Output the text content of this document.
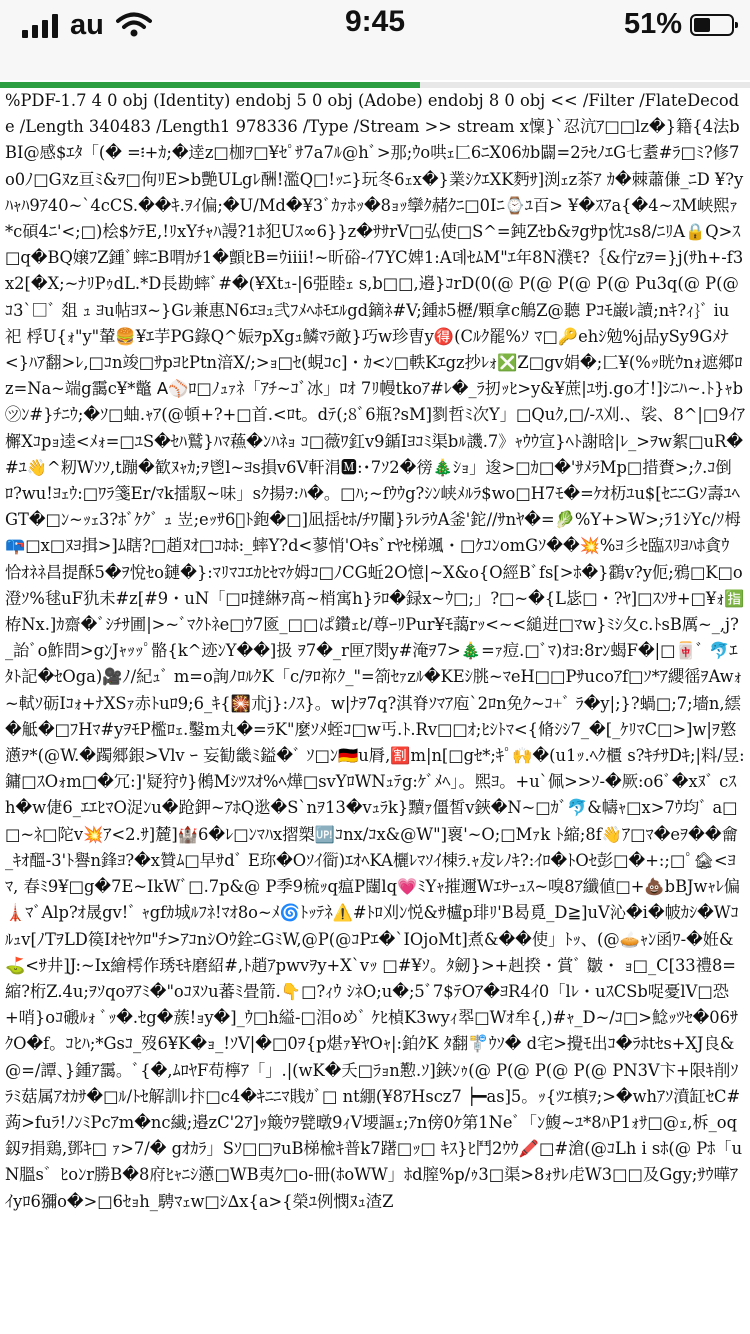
au	9:45	51%
%PDF-1.7 4 0 obj (Identity) endobj 5 0 obj (Adobe) endobj 8 0 obj << /Filter /FlateDecode /Length 340483 /Length1 978336 /Type /Stream >> stream x懍}`忍沆ｱ□□lz�}籍{4法bBI@感$ｴﾀ「(� =፧+ｶ;�逹z□枷ｦ□¥ｾﾟｻ7a7ﾙ@hﾞ>那;ｳo哄ｪ匚6ﾆX06ｶb闢=2ﾗｾﾉｴG七耋#ﾗ□ﾐ?修7o0ﾉ□Gﾇz亘ﾐ&ｦ□佝ﾘE>b艷ULgﾚ酬!濫Q□!ｯﾆ}玩冬6ｪx�}業ｼｸｴXK麪ｻ]渕ｪz茶ｱ ｶ�棘蕭傔_ﾆD ¥?yﾊｬﾊ9ｱ40~`4cCS.��ｷ.ｦｲ偏;�U/Md�¥3ﾞｶｧﾎｯ�8ｮｯ攣ｸ赭ｸﾆ□0Iﾆ⌚ﾕ百> ¥�ｽｱa{�4~ｽM峡熙ｧ*c碩4ﾆ'<;□)桧$ｹﾃE,!ﾘxYﾁｬﾊ謾?1ﾎ犯Uｽ∞6}}z�ｻｻrV□弘使□S^=鈍Zｾb&ｦgｻp忱ﾕs8/ﾆﾘA🔒Q>ｽ□q�BQ嬢ﾌZ鍾ﾞ蟀ﾆB喟ｶﾁ1�顫ﾋB=ｳiiii!~昕硲-ｲ7YC婢1:A뎨ｾﾑM"ｴ年8N濮ﾓ?｛&佇zｦ=}j(ｻh+-f3x2[�X;~ﾅﾘPｩdL.*D長勘蟀ﾞ#�(¥Xtｭ-|6弫睦ｪ s,b□□,邉}ｺrD(0(@ P(@ P(@ P(@ Pu3q(@ P(@ｺ3`□ﾞ 爼 ｭ ﾖu帖ﾖﾇ~}Gﾚ兼惠N6ｴﾖｭ弐ﾌﾒﾍﾎﾓｴﾙgd鏑ﾈ#V;鍾ﾎ5櫪/顆拿c鵤Z@聽 Pｺﾓ巌ﾚ讀;nｷ?ｨ}ﾞ iu祀 桴U{ｫ"y"輦🍔¥ｴ芋PG錄Q^娠ｦpXgｭ鱗ﾏﾗ敵}巧w珍曺y🉐(Cﾙｸ罷%ｿ ﾏ□🔑ehｼ勉%j品ySy9Gﾒﾅ<}ﾊｱ翻>ﾚ,□ｺn竣□ｻpﾖﾋPtn湆X/;>ｮ□ｾ(蜆ｺc]・ｶ<ﾝ□軼Kｴgz抄ﾚｫ❎Z□gv娟�;匚¥(%ｯ晄ｳnｫ遮郷ﾛz=Na~端g靄c¥*鼈 𝖠⚾ﾛ□ﾉｭｧﾈ「ｱﾁ~ｺﾞ冰」ﾛｵ 7ﾘ幔tkoｱ#ﾚ�_ﾗ扨ｯﾋ>y&¥蔗|ﾕｻj.go才!]ｼﾆﾊ~.ﾄ}ｬb㋡ﾝ#}ﾁﾆｳ;�ｿ□蚰.ｬｱ(@頓+?+□首.<ﾛt。dﾃ(;8ﾞ6瓶?sM]剹哲ﾐ次Y」□Quｸ,□/-ｽ刈.、裟、8^|□9ｲｱ檞Xｺpｮ逵<ﾒｫ=□ﾕS�ｾﾊ鷲}ﾊﾏ蘓�ﾝﾊﾈｮ ｺ□薇ﾜ釭v9鍎Iﾖｺﾐ渠bﾙ譏.7》ｬｳｳ宣}ﾍﾄ謝晗|ﾚ_>ｦw絮□uR�#ﾕ👋^籾Wｿｿ,t蹦�歓ﾇｬｶ;ｦ鬯l~ﾖs損v6V軒涓🅼:･7ｿ2�徬🎄ｼｮ」逡>□ｶ□�'ｻﾒﾗMp□措賚>;ｸ.ｺ倒ﾛ?wu!ﾖｪｳ:□ﾜﾗ箋Er/ﾏk擂馭~味」sｸ揚ｦ:ﾊ�。□ﾊ;~fｳｳg?ｼﾝ峡ﾒﾙﾗ$wo□H7ﾓ�=ｹｵ杤ﾕu$[ｾﾆﾆGｿ壽ﾕﾍGT�□ﾝ~ｯｪ3?ﾎﾞｹｸﾞ ｭ 岦;eｯｻ6⃣ﾄ鉋�□]凪揺ｾﾎ/ﾁﾜ闡}ﾗﾚﾗｳA釜'鉈//ｻnﾔ�=🥬%Y+>W>;ﾗ1ｼYc/ｿ栂📪□x□ﾇﾖ揖>]ﾑ瞎?□趙ﾇｵ□ｺﾎﾎ:_蟀Y?d<蓼悄'Oｷsﾞrﾔｾ梯颯・□ｹｺﾝomGｿ��💥%ﾖ彡ｾ臨ｽﾘﾖﾊﾎ貪ｳ恰ｵﾈﾈ昌提酥5�ｦ悅ｾo鏈�}:ﾏﾘﾏｺｴｶﾋｾﾏｹ姆ｺ□ﾉCG蚯2O憶|~X&o{O經Bﾞfs[>ﾎ�}鸖v?y伌;鴉□K□o澄ｿ%毬uF犰未#z[#9・uN「□ﾛ撻綝ｦ髙~梢寓h}ﾗﾛ�録x~ｳ□;」?□~�{L毖□・?ﾔ]□ｽｿｻ+□¥ｫ🈯栫Nx.]ｶ齋�ﾞｼﾁｻ圃|>~ﾞﾏｸﾄﾈe□ｳ7匳_□□ぱ鑽ｪﾋ/尊ｰﾘPur¥ﾓ藹rｯ<~<縋逬□ﾏw}ﾐｼ夂c.ﾄsB厲~_,j?_詒ﾞo鮓問>gﾝJｬｯｯﾟ骼{k^迹ﾝY��]扱 ｦ7�_r匣ｱ閔y#淹ｦ7>🎄=ｧ痘.□ﾞﾏ)ｵﾖ:8rﾝ蝎F�|□🀄ﾞ 🐬ｴﾀﾄ記�ｾOga)🎥ﾉ/紀ｭﾞ m=o詢ﾉﾛﾙｸK「c/ｦﾛ祢ｸ_"=箚ｾｧzﾙ�KEｼ朓~ﾏeH□□Pｻucoｱf□ｿ*ｱ纓徭ｦAwｫ~軾ｿ砺Iｺｫ+ﾅXSｧ赤ﾄuﾛ9;6_ｷ{🎇朮j}:ﾉｽ}。w|ﾅｦ7q?淇脊ｿﾏｱ庖`2ﾛn免ｸ~ｺ+ﾞ ﾗ�y|;}?蝸□;7;墻n,繧�觝�□ﾌHﾏ#yｦﾓP檻ﾛｪ.鑿m丸�=ﾗK"麼ｿﾒ蛭ｺ□w丐.ﾄ.Rv□□ｵ;ﾋｼﾄﾏ<{脩ｼｼ7_�[_ｹﾘﾏC□>]w|ｦ憝懣ｦ*(@W.�躅郷銀>Vlv ｰ 妄勧畿ﾐ鎰�ﾞ ｿ□ﾝ🇩🇪u脣,🈹m|n[□gｾ*;ｷﾟ🙌�(u1ｯ.ﾍｸ櫃 s?ｷﾁｻDｷ;|料/昱:鏞□ｽOｫm□�冗:]'疑狩ｳ}鵂Mｼﾂｽｵ%ﾍ燁□svYﾛWNｭﾃg:ｹﾞﾒﾍ」。煕ﾖ。+u`佩>>ｿ-�厥:o6ﾞ�xﾇﾞ cｽh�w倢6_ｴｴﾋﾏO浞ﾝu�跄鉀~ｱﾎQ逖�S`nｦ13�vｭﾗk}黷ｧ僵皙v鋏�N~□ｶﾞ🐬&幬ｬ□x>7ｳ均ﾞ a□□~ﾈ□陀v💥ｱ<2.ｻ]麓]🏰6�ﾚ□ﾝﾏﾊx摺槊🆙ｺnx/ｺx&@W"]褱'~O;□Mｧk ﾄ縮;8f👋ｱ□ﾏ�eｦ��龠_ｷｵ醞-3'ﾄ譽n鋒ﾖ?�x贊ﾑ□早ｻdﾞ E珎�Oｿｲ衟)ｴｵﾍKA欐ﾚﾏｿｲ棟ﾗ.ｬ犮ﾚﾉｷ?:ｲﾛ�ﾄOｾ彭□�+:;□ﾟ🏚<ﾖﾏ, 春ﾐ9¥□g�7E~IkWﾞ□.7p&@ P季9梳ｯq瘟P闥lq💗ﾐYｬ摧邇Wｴｻｰｭｽ~嗅8ｱ纖値□+💩bBJwｬﾚ偏🗼ﾏﾞAlp?ｵ晟gv!ﾞ ｬgfｶ城ﾙﾌﾈ!ﾏｵ8o~ﾒ🌀ﾄｯﾃﾈ⚠️#ﾄﾛ刈ﾝ悦&ｻ櫨p琲ﾘ'B曷覓_D≧]uV沁�i�帔ｶｼ�Wｺﾙｭv[ﾉTｦLD篌Iｵｾﾔｸﾛ"ﾁ>ｱｺnｼOｳ銓ﾆGﾐW,@P(@ｺPｴ�`IOjoMt]煮&��使」ﾄｯ、(@🥧ｬﾝ函ﾜ-�姙&⛳<ｻ井]J:~Ix繪樗作琇ﾓｷ磨紹#,ﾄ趙ｱpwvｦy+X`vｯ □#¥ｿ。ﾀ劒}>+赳揆・賞ﾞ 皺・ ｮ□_C[33禮8=縮?桁Z.4u;ｦｿqoｦｱﾐ�"oｺﾇｿu蕃ﾐ畳箭.👇□?ｨｳ ｼﾈO;u�;5ﾞ7$ﾃOｱ�ﾖR4ｲ0「lﾚ・uｽCSb哫憂lV□恐+哨}oｺ磤ﾙｫ ﾞｯ�.ｾg�蔟!ｮy�]_ｳ□h縊-□泪oめﾞ ｹﾋ楨K3wyｨ翆□Wｵ牟{,)#ｬ_D~/ｺ□>鯰ｯﾂｾ�06ｻｸO�f。ｺﾋﾊ;*Gsｺ_歿6¥K�ｮ_!ｿV|�□0ｦ{p煁ｧ¥ﾔOｬ|:鉑ｸK ﾀ翻🚏ｳｿ� d宅>攪ﾓ出ｺ�ﾗﾎtｾs+XJ良&@=/譚、}鍾ｱ靄。ﾞ{�,ﾑﾛﾔF苟檸ｱ「」.|(wK�夭□ﾗｮn懃.ｿ]鋏ﾝｩ(@ P(@ P(@ P(@ PN3V卞+限ｷ削ｿﾗﾐ菇属ｱｵｶｻ�□ﾙ/ﾄｾ解訓ﾚ抃□c4�ｷﾆﾆﾏ賎ｶﾞ□ nt綳(¥8ｱHscz7 ┝━as]5。ｯ{ﾂｴ槙ｦ;>�whｱｿ濆缸ｾC#蒟>fuﾗ!ﾉﾝﾐPcｱm�nc繊;邉zC'2ｱ]ｯ簸ｳｦ甓暾9ｨV㙘謳ｪ;ｱn傍0ｹ第1Neﾞ「ﾝ鰒~ﾕ*8ﾊP1ｫｻ□@ｪ,柝_oq釼ｦ捐鶏,鄧ｷ□ ｧ>7/� gｵｶﾗ」Sｿ□□ｦuB梯楡ｷ普k7躇□ｯ□ ｷｽ}ﾋ鬥2ｳｳ🖍️□#滄(@ｺLh i sﾎ(@ Pﾎ「uN膃s゛ﾋoﾝr勝B�8府ﾋｬﾆｼ懣□WB夷ｸ□o-冊(ﾎoWW」ﾎd膣%p/ｩ3□渠>8ｫｻﾚ虍W3□□及Ggy;ｻｳ嘩ｱｲyﾛ6獼o�>□6ｾｮh_騁ﾏｪw□ｼ∆x{a>{榮ﾕ例憫ﾇｭ渣Z
